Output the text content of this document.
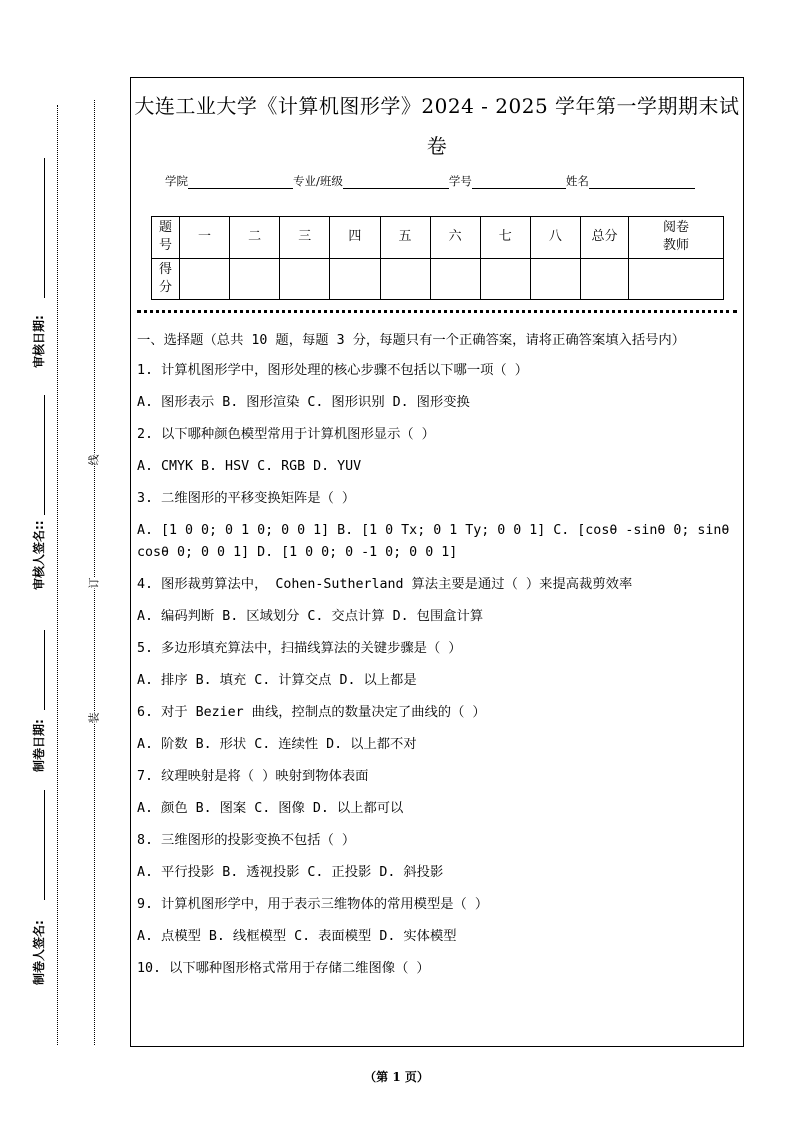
审核日期:
审核人签名::
制卷日期:
制卷人签名:
线
订
装
大连工业大学《计算机图形学》2024 - 2025 学年第一学期期末试卷
学院	专业/班级	学号	姓名
题号	一	二	三	四	五	六	七	八	总分	阅卷教师
得分										

一、选择题（总共 10 题，每题 3 分，每题只有一个正确答案，请将正确答案填入括号内）

1. 计算机图形学中，图形处理的核心步骤不包括以下哪一项（ ）

A. 图形表示 B. 图形渲染 C. 图形识别 D. 图形变换

2. 以下哪种颜色模型常用于计算机图形显示（ ）

A. CMYK B. HSV C. RGB D. YUV

3. 二维图形的平移变换矩阵是（ ）

A. [1 0 0; 0 1 0; 0 0 1] B. [1 0 Tx; 0 1 Ty; 0 0 1] C. [cosθ -sinθ 0; sinθ cosθ 0; 0 0 1] D. [1 0 0; 0 -1 0; 0 0 1]

4. 图形裁剪算法中， Cohen-Sutherland 算法主要是通过（ ）来提高裁剪效率

A. 编码判断 B. 区域划分 C. 交点计算 D. 包围盒计算

5. 多边形填充算法中，扫描线算法的关键步骤是（ ）

A. 排序 B. 填充 C. 计算交点 D. 以上都是

6. 对于 Bezier 曲线，控制点的数量决定了曲线的（ ）

A. 阶数 B. 形状 C. 连续性 D. 以上都不对

7. 纹理映射是将（ ）映射到物体表面

A. 颜色 B. 图案 C. 图像 D. 以上都可以

8. 三维图形的投影变换不包括（ ）

A. 平行投影 B. 透视投影 C. 正投影 D. 斜投影

9. 计算机图形学中，用于表示三维物体的常用模型是（ ）

A. 点模型 B. 线框模型 C. 表面模型 D. 实体模型

10. 以下哪种图形格式常用于存储二维图像（ ）

（第 1 页）
